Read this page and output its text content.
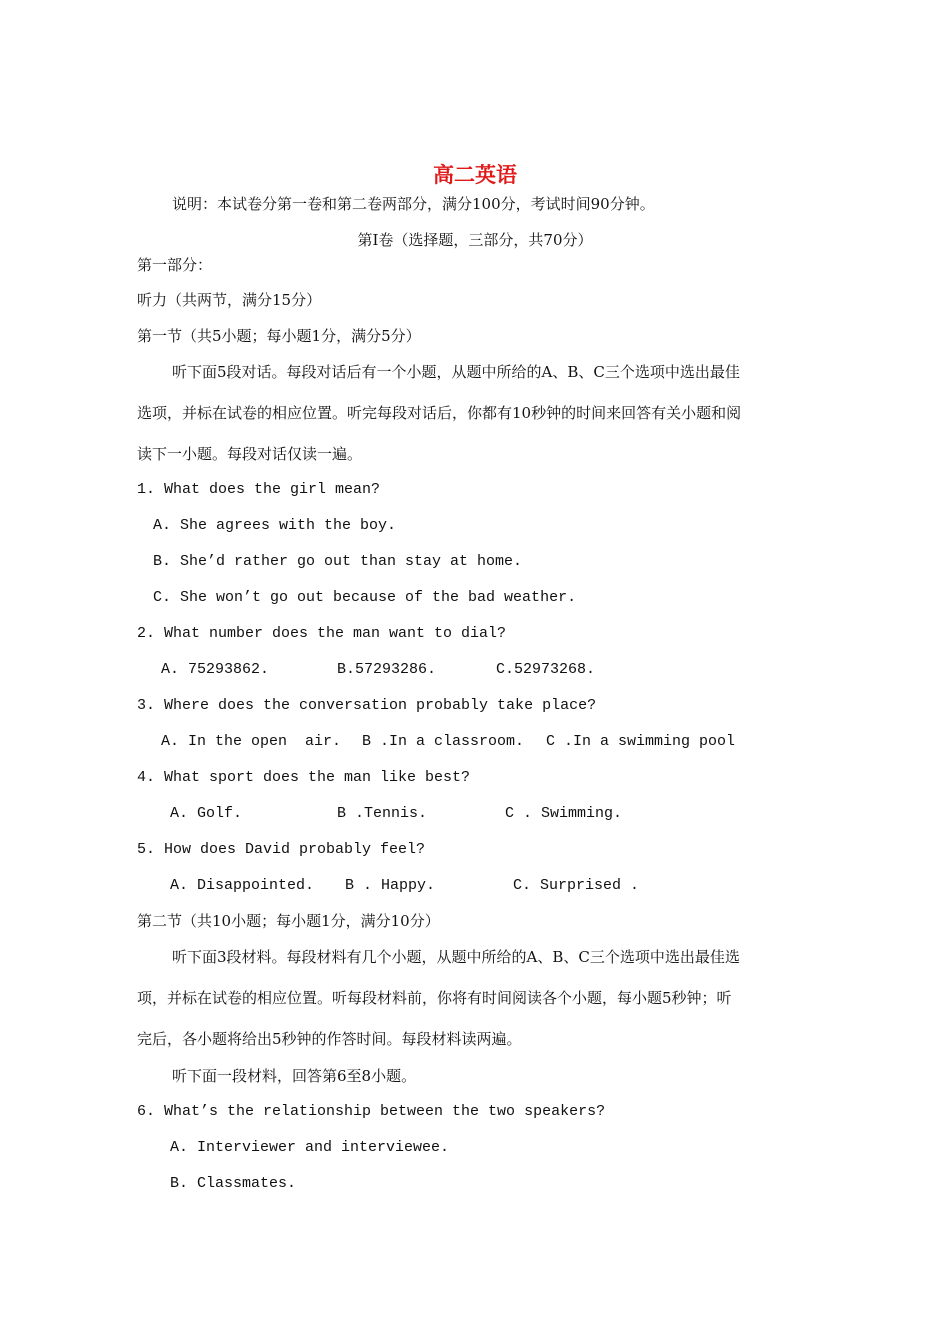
高二英语
说明：本试卷分第一卷和第二卷两部分，满分100分，考试时间90分钟。
第Ⅰ卷（选择题，三部分，共70分）
第一部分：
听力（共两节，满分15分）
第一节（共5小题；每小题1分，满分5分）
听下面5段对话。每段对话后有一个小题，从题中所给的A、B、C三个选项中选出最佳
选项，并标在试卷的相应位置。听完每段对话后，你都有10秒钟的时间来回答有关小题和阅
读下一小题。每段对话仅读一遍。
1. What does the girl mean?
A. She agrees with the boy.
B. She’d rather go out than stay at home.
C. She won’t go out because of the bad weather.
2. What number does the man want to dial?
A. 75293862.	B.57293286.	C.52973268.
3. Where does the conversation probably take place?
A. In the open  air. B .In a classroom. C .In a swimming pool
4. What sport does the man like best?
A. Golf.	B .Tennis.	C . Swimming.
5. How does David probably feel?
A. Disappointed. B . Happy.	C. Surprised .
第二节（共10小题；每小题1分，满分10分）
听下面3段材料。每段材料有几个小题，从题中所给的A、B、C三个选项中选出最佳选
项，并标在试卷的相应位置。听每段材料前，你将有时间阅读各个小题，每小题5秒钟；听
完后，各小题将给出5秒钟的作答时间。每段材料读两遍。
听下面一段材料，回答第6至8小题。
6. What’s the relationship between the two speakers?
A. Interviewer and interviewee.
B. Classmates.
